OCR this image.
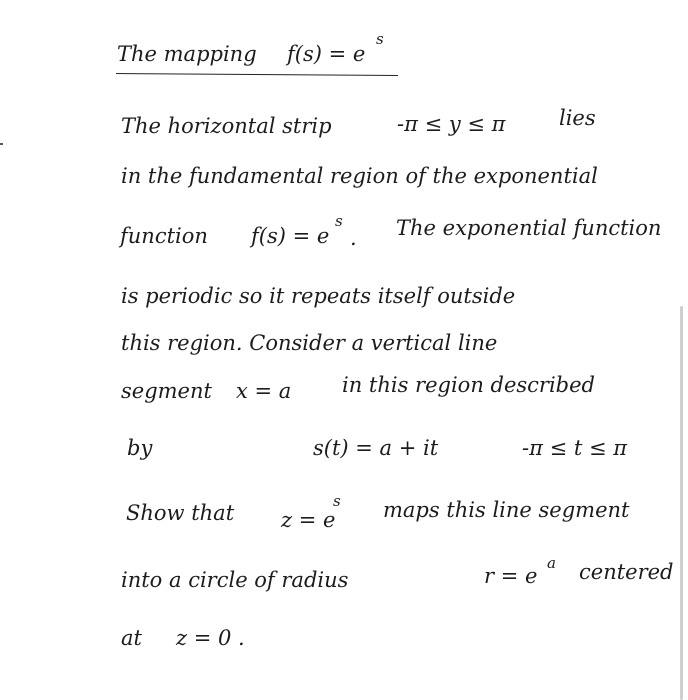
The mapping f(s) = e
s
The horizontal strip	-π ≤ y ≤ π	lies
in the fundamental region of the exponential
function f(s) = e
s
. The exponential function
is periodic so it repeats itself outside
this region. Consider a vertical line
segment x = a in this region described
by	s(t) = a + it	-π ≤ t ≤ π
Show that z = e
s maps this line segment
into a circle of radius	r = e
a centered
at z = 0 .
